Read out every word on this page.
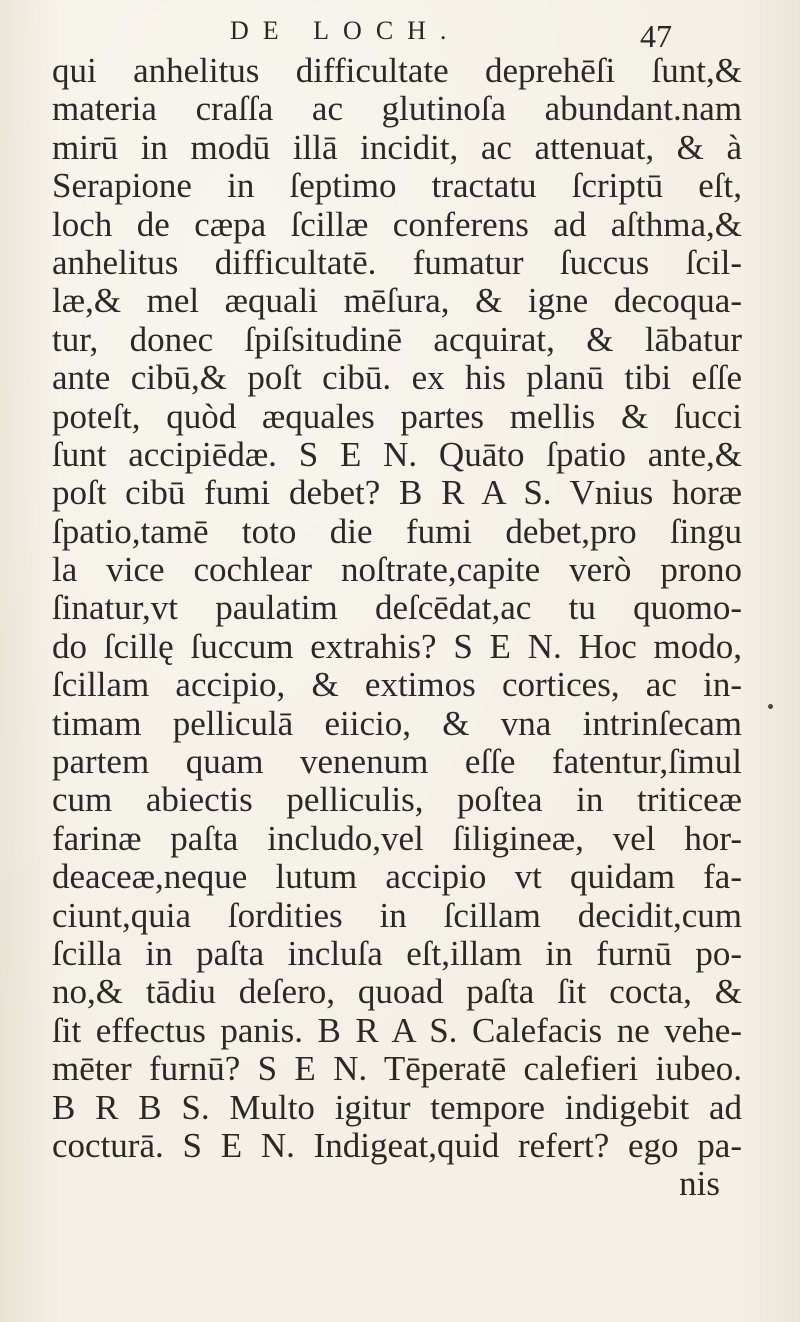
DE LOCH.	47
qui anhelitus difficultate deprehēſi ſunt,&
materia craſſa ac glutinoſa abundant.nam
mirū in modū illā incidit, ac attenuat, & à
Serapione in ſeptimo tractatu ſcriptū eſt,
loch de cæpa ſcillæ conferens ad aſthma,&
anhelitus difficultatē. fumatur ſuccus ſcil-
læ,& mel æquali mēſura, & igne decoqua-
tur, donec ſpiſsitudinē acquirat, & lābatur
ante cibū,& poſt cibū. ex his planū tibi eſſe
poteſt, quòd æquales partes mellis & ſucci
ſunt accipiēdæ. S E N. Quāto ſpatio ante,&
poſt cibū fumi debet? B R A S. Vnius horæ
ſpatio,tamē toto die fumi debet,pro ſingu
la vice cochlear noſtrate,capite verò prono
ſinatur,vt paulatim deſcēdat,ac tu quomo-
do ſcillę ſuccum extrahis? S E N. Hoc modo,
ſcillam accipio, & extimos cortices, ac in-
timam pelliculā eiicio, & vna intrinſecam
partem quam venenum eſſe fatentur,ſimul
cum abiectis pelliculis, poſtea in triticeæ
farinæ paſta includo,vel ſiligineæ, vel hor-
deaceæ,neque lutum accipio vt quidam fa-
ciunt,quia ſordities in ſcillam decidit,cum
ſcilla in paſta incluſa eſt,illam in furnū po-
no,& tādiu deſero, quoad paſta ſit cocta, &
ſit effectus panis. B R A S. Calefacis ne vehe-
mēter furnū? S E N. Tēperatē calefieri iubeo.
B R B S. Multo igitur tempore indigebit ad
cocturā. S E N. Indigeat,quid refert? ego pa-
nis
